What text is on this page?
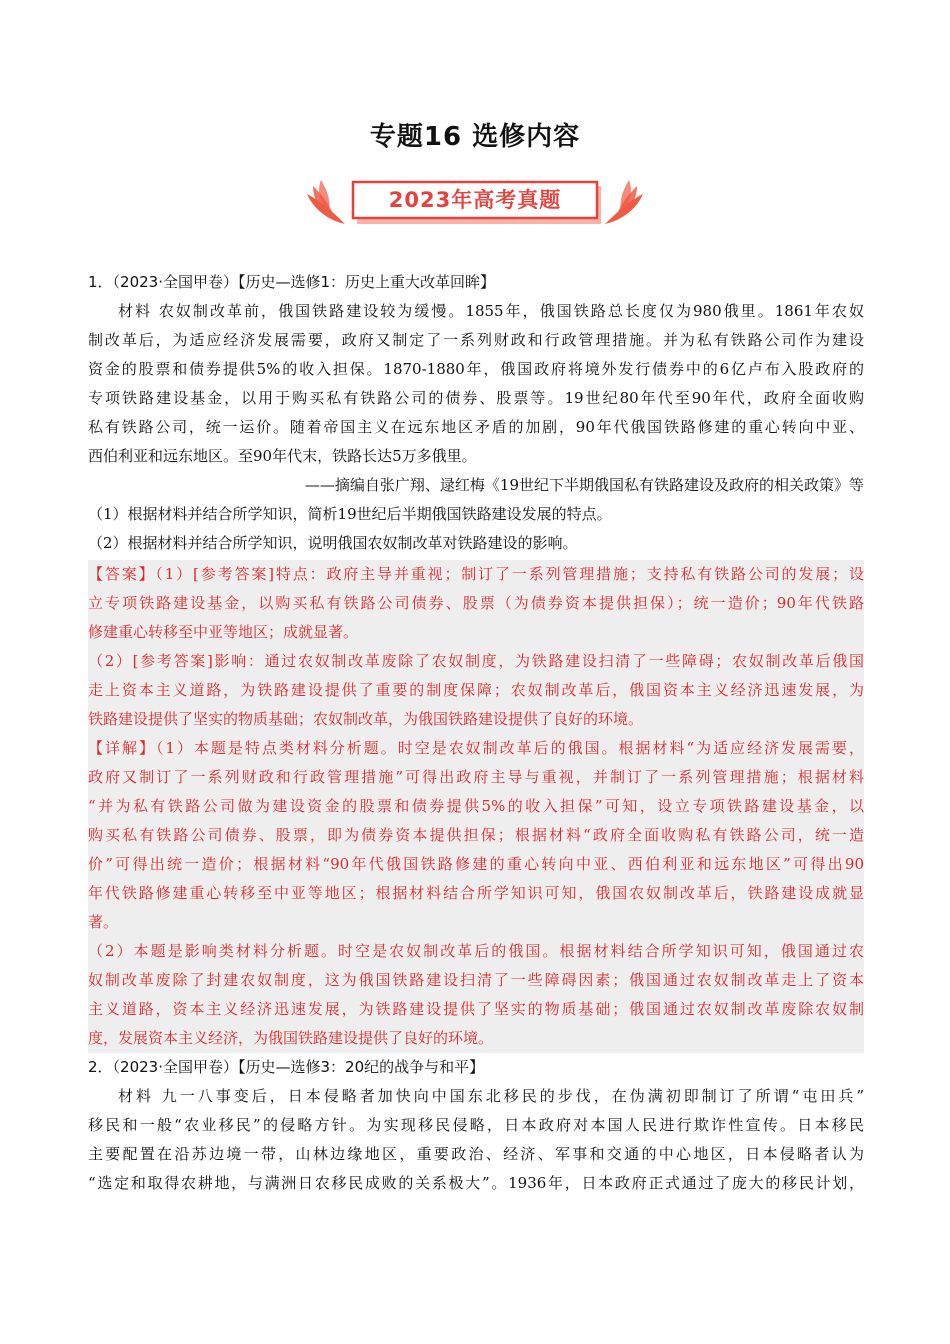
专题16 选修内容
2023年高考真题
1．（2023·全国甲卷）【历史—选修1：历史上重大改革回眸】
材料 农奴制改革前，俄国铁路建设较为缓慢。1855年，俄国铁路总长度仅为980俄里。1861年农奴
制改革后，为适应经济发展需要，政府又制定了一系列财政和行政管理措施。并为私有铁路公司作为建设
资金的股票和债券提供5%的收入担保。1870-1880年，俄国政府将境外发行债券中的6亿卢布入股政府的
专项铁路建设基金，以用于购买私有铁路公司的债券、股票等。19世纪80年代至90年代，政府全面收购
私有铁路公司，统一运价。随着帝国主义在远东地区矛盾的加剧，90年代俄国铁路修建的重心转向中亚、
西伯利亚和远东地区。至90年代末，铁路长达5万多俄里。
——摘编自张广翔、逯红梅《19世纪下半期俄国私有铁路建设及政府的相关政策》等
（1）根据材料并结合所学知识，简析19世纪后半期俄国铁路建设发展的特点。
（2）根据材料并结合所学知识，说明俄国农奴制改革对铁路建设的影响。
【答案】（1）[参考答案]特点：政府主导并重视；制订了一系列管理措施；支持私有铁路公司的发展；设
立专项铁路建设基金，以购买私有铁路公司债券、股票（为债券资本提供担保）；统一造价；90年代铁路
修建重心转移至中亚等地区；成就显著。
（2）[参考答案]影响：通过农奴制改革废除了农奴制度，为铁路建设扫清了一些障碍；农奴制改革后俄国
走上资本主义道路，为铁路建设提供了重要的制度保障；农奴制改革后，俄国资本主义经济迅速发展，为
铁路建设提供了坚实的物质基础；农奴制改革，为俄国铁路建设提供了良好的环境。
【详解】（1）本题是特点类材料分析题。时空是农奴制改革后的俄国。根据材料“为适应经济发展需要，
政府又制订了一系列财政和行政管理措施”可得出政府主导与重视，并制订了一系列管理措施；根据材料
“并为私有铁路公司做为建设资金的股票和债券提供5%的收入担保”可知，设立专项铁路建设基金，以
购买私有铁路公司债券、股票，即为债券资本提供担保；根据材料“政府全面收购私有铁路公司，统一造
价”可得出统一造价；根据材料“90年代俄国铁路修建的重心转向中亚、西伯利亚和远东地区”可得出90
年代铁路修建重心转移至中亚等地区；根据材料结合所学知识可知，俄国农奴制改革后，铁路建设成就显
著。
（2）本题是影响类材料分析题。时空是农奴制改革后的俄国。根据材料结合所学知识可知，俄国通过农
奴制改革废除了封建农奴制度，这为俄国铁路建设扫清了一些障碍因素；俄国通过农奴制改革走上了资本
主义道路，资本主义经济迅速发展，为铁路建设提供了坚实的物质基础；俄国通过农奴制改革废除农奴制
度，发展资本主义经济，为俄国铁路建设提供了良好的环境。
2．（2023·全国甲卷）【历史—选修3：20纪的战争与和平】
材料 九一八事变后，日本侵略者加快向中国东北移民的步伐，在伪满初即制订了所谓“屯田兵”
移民和一般“农业移民”的侵略方针。为实现移民侵略，日本政府对本国人民进行欺诈性宣传。日本移民
主要配置在沿苏边境一带，山林边缘地区，重要政治、经济、军事和交通的中心地区，日本侵略者认为
“选定和取得农耕地，与满洲日农移民成败的关系极大”。1936年，日本政府正式通过了庞大的移民计划，
